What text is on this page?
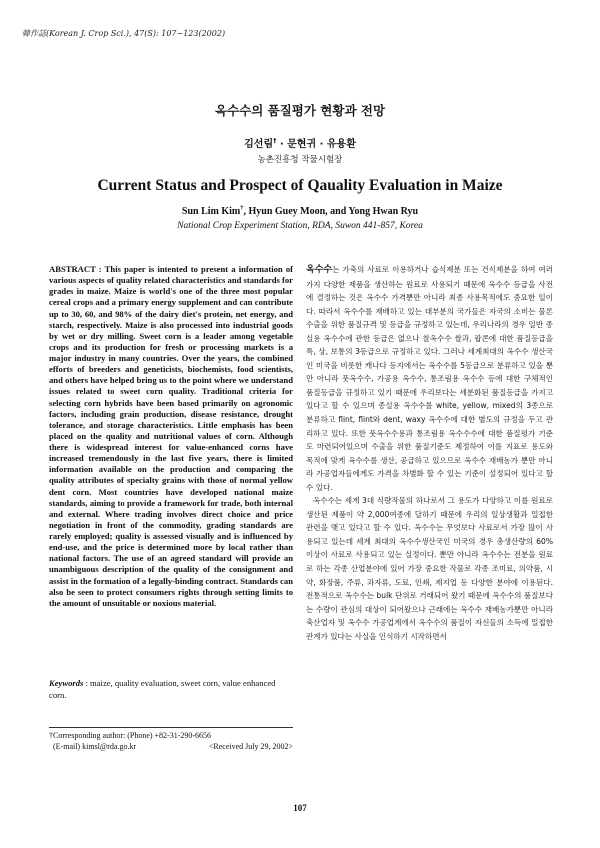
韓作誌(Korean J. Crop Sci.), 47(S): 107~123(2002)
옥수수의 품질평가 현황과 전망
김선림† · 문현귀 · 유용환
농촌진흥청 작물시험장
Current Status and Prospect of Qauality Evaluation in Maize
Sun Lim Kim†, Hyun Guey Moon, and Yong Hwan Ryu
National Crop Experiment Station, RDA, Suwon 441-857, Korea

ABSTRACT : This paper is intented to present a information of various aspects of quality related characteristics and standards for grades in maize. Maize is world's one of the three most popular cereal crops and a primary energy supplement and can contribute up to 30, 60, and 98% of the dairy diet's protein, net energy, and starch, respectively. Maize is also processed into industrial goods by wet or dry milling. Sweet corn is a leader among vegetable crops and its production for fresh or processing markets is a major industry in many countries. Over the years, the combined efforts of breeders and geneticists, biochemists, food scientists, and others have helped bring us to the point where we understand issues related to sweet corn quality. Traditional criteria for selecting corn hybrids have been based primarily on agronomic factors, including grain production, disease resistance, drought tolerance, and storage characteristics. Little emphasis has been placed on the quality and nutritional values of corn. Although there is widespread interest for value-enhanced corns have increased tremendously in the last five years, there is limited information available on the production and comparing the quality attributes of specialty grains with those of normal yellow dent corn. Most countries have developed national maize standards, aiming to provide a framework for trade, both internal and external. Where trading involves direct choice and price negotiation in front of the commodity, grading standards are rarely employed; quality is assessed visually and is influenced by end-use, and the price is determined more by local rather than national factors. The use of an agreed standard will provide an unambiguous description of the quality of the consignment and assist in the formation of a legally-binding contract. Standards can also be seen to protect consumers rights through setting limits to the amount of unsuitable or noxious material.

Keywords : maize, quality evaluation, sweet corn, value enhanced corn.

†Corresponding author: (Phone) +82-31-290-6656
(E-mail) kimsl@rda.go.kr	<Received July 29, 2002>

옥수수는 가축의 사료로 이용하거나 습식제분 또는 건식제분을 하여 여러 가지 다양한 제품을 생산하는 원료로 사용되기 때문에 옥수수 등급을 사전에 결정하는 것은 옥수수 가격뿐만 아니라 최종 사용목적에도 중요한 일이다. 따라서 옥수수를 재배하고 있는 대부분의 국가들은 자국의 소비는 물론 수출을 위한 품질규격 및 등급을 규정하고 있는데, 우리나라의 경우 일반 종실용 옥수수에 관한 등급은 없으나 찰옥수수 쌀과, 팝콘에 대한 품질등급을 특, 상, 보통의 3등급으로 규정하고 있다. 그러나 세계최대의 옥수수 생산국인 미국을 비롯한 캐나다 등지에서는 옥수수를 5등급으로 분류하고 있을 뿐만 아니라 풋옥수수, 가공용 옥수수, 통조림용 옥수수 등에 대한 구체적인 품질등급을 규정하고 있기 때문에 우리보다는 세분화된 품질등급을 가지고 있다고 할 수 있으며 종실용 옥수수를 white, yellow, mixed의 3종으로 분류하고 flint, flint와 dent, waxy 옥수수에 대한 별도의 규정을 두고 관리하고 있다. 또한 풋옥수수용과 통조림용 옥수수수에 대한 품질평가 기준도 마련되어있으며 수출을 위한 품질기준도 제정하여 이를 지표로 용도와 목적에 맞게 옥수수를 생산, 공급하고 있으므로 옥수수 재배농가 뿐만 아니라 가공업자들에게도 가격을 차별화 할 수 있는 기준이 설정되어 있다고 할 수 있다.

옥수수는 세계 3대 식량작물의 하나로서 그 용도가 다양하고 이를 원료로 생산된 제품이 약 2,000여종에 달하기 때문에 우리의 일상생활과 밀접한 관련을 맺고 있다고 할 수 있다. 옥수수는 무엇보다 사료로서 가장 많이 사용되고 있는데 세계 최대의 옥수수생산국인 미국의 경우 총생산량의 60% 이상이 사료로 사용되고 있는 실정이다. 뿐만 아니라 옥수수는 전분을 원료로 하는 각종 산업분야에 있어 가장 중요한 작물로 각종 조미료, 의약품, 시약, 화장품, 주류, 과자류, 도료, 인쇄, 제지업 등 다양한 분야에 이용된다. 전통적으로 옥수수는 bulk 단위로 거래되어 왔기 때문에 옥수수의 품질보다는 수량이 관심의 대상이 되어왔으나 근래에는 옥수수 재배농가뿐만 아니라 축산업자 및 옥수수 가공업계에서 옥수수의 품질이 자신들의 소득에 밀접한 관계가 있다는 사실을 인식하기 시작하면서

107
